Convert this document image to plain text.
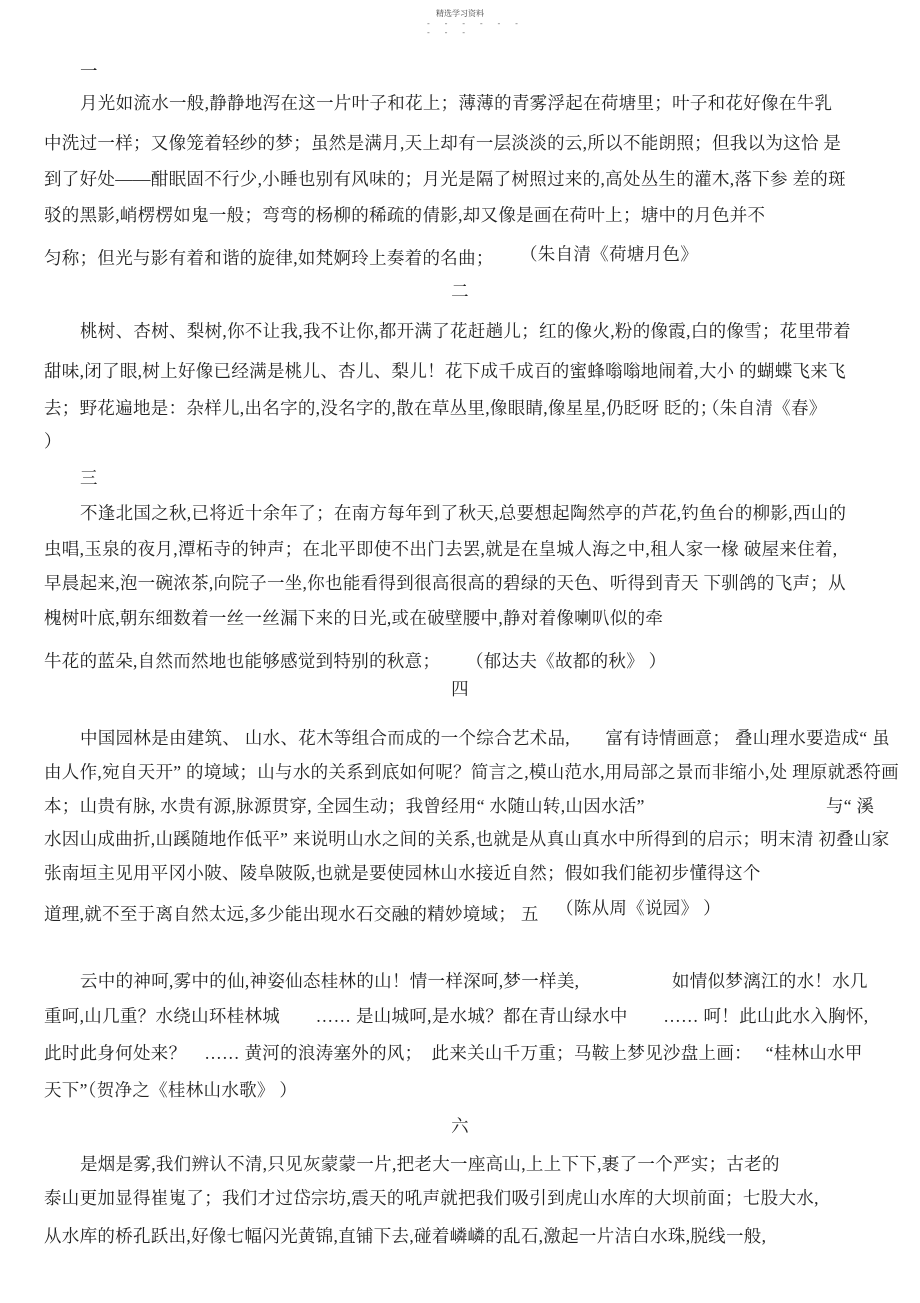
精选学习资料
- - - - - -
- - -
一
月光如流水一般,静静地泻在这一片叶子和花上；薄薄的青雾浮起在荷塘里；叶子和花好像在牛乳
中洗过一样；又像笼着轻纱的梦；虽然是满月,天上却有一层淡淡的云,所以不能朗照；但我以为这恰 是
到了好处——酣眠固不行少,小睡也别有风味的；月光是隔了树照过来的,高处丛生的灌木,落下参 差的斑
驳的黑影,峭楞楞如鬼一般；弯弯的杨柳的稀疏的倩影,却又像是画在荷叶上；塘中的月色并不
匀称；但光与影有着和谐的旋律,如梵婀玲上奏着的名曲； （朱自清《荷塘月色》
二
桃树、杏树、梨树,你不让我,我不让你,都开满了花赶趟儿；红的像火,粉的像霞,白的像雪；花里带着
甜味,闭了眼,树上好像已经满是桃儿、杏儿、梨儿！花下成千成百的蜜蜂嗡嗡地闹着,大小 的蝴蝶飞来飞
去；野花遍地是：杂样儿,出名字的,没名字的,散在草丛里,像眼睛,像星星,仍眨呀 眨的；
（朱自清《春》
）
三
不逢北国之秋,已将近十余年了；在南方每年到了秋天,总要想起陶然亭的芦花,钓鱼台的柳影,西山的
虫唱,玉泉的夜月,潭柘寺的钟声；在北平即使不出门去罢,就是在皇城人海之中,租人家一椽 破屋来住着,
早晨起来,泡一碗浓茶,向院子一坐,你也能看得到很高很高的碧绿的天色、听得到青天 下驯鸽的飞声；从
槐树叶底,朝东细数着一丝一丝漏下来的日光,或在破壁腰中,静对着像喇叭似的牵
牛花的蓝朵,自然而然地也能够感觉到特别的秋意； （郁达夫《故都的秋》 ）
四
中国园林是由建筑、 山水、花木等组合而成的一个综合艺术品,　　富有诗情画意； 叠山理水要造成“ 虽
由人作,宛自天开” 的境域；山与水的关系到底如何呢？简言之,模山范水,用局部之景而非缩小,处 理原就悉符画
本；山贵有脉, 水贵有源,脉源贯穿, 全园生动；我曾经用“ 水随山转,山因水活”	与“ 溪
水因山成曲折,山蹊随地作低平” 来说明山水之间的关系,也就是从真山真水中所得到的启示；明末清 初叠山家
张南垣主见用平冈小陂、陵阜陂阪,也就是要使园林山水接近自然；假如我们能初步懂得这个
道理,就不至于离自然太远,多少能出现水石交融的精妙境域； 五 （陈从周《说园》 ）
云中的神呵,雾中的仙,神姿仙态桂林的山！情一样深呵,梦一样美,	如情似梦漓江的水！水几
重呵,山几重？水绕山环桂林城　　…… 是山城呵,是水城？都在青山绿水中　　…… 呵！此山此水入胸怀,
此时此身何处来？　…… 黄河的浪涛塞外的风；　此来关山千万重；马鞍上梦见沙盘上画：　 “桂林山水甲
天下”（贺净之《桂林山水歌》 ）
六
是烟是雾,我们辨认不清,只见灰蒙蒙一片,把老大一座高山,上上下下,裹了一个严实；古老的
泰山更加显得崔嵬了；我们才过岱宗坊,震天的吼声就把我们吸引到虎山水库的大坝前面；七股大水,
从水库的桥孔跃出,好像七幅闪光黄锦,直铺下去,碰着嶙嶙的乱石,激起一片洁白水珠,脱线一般,
